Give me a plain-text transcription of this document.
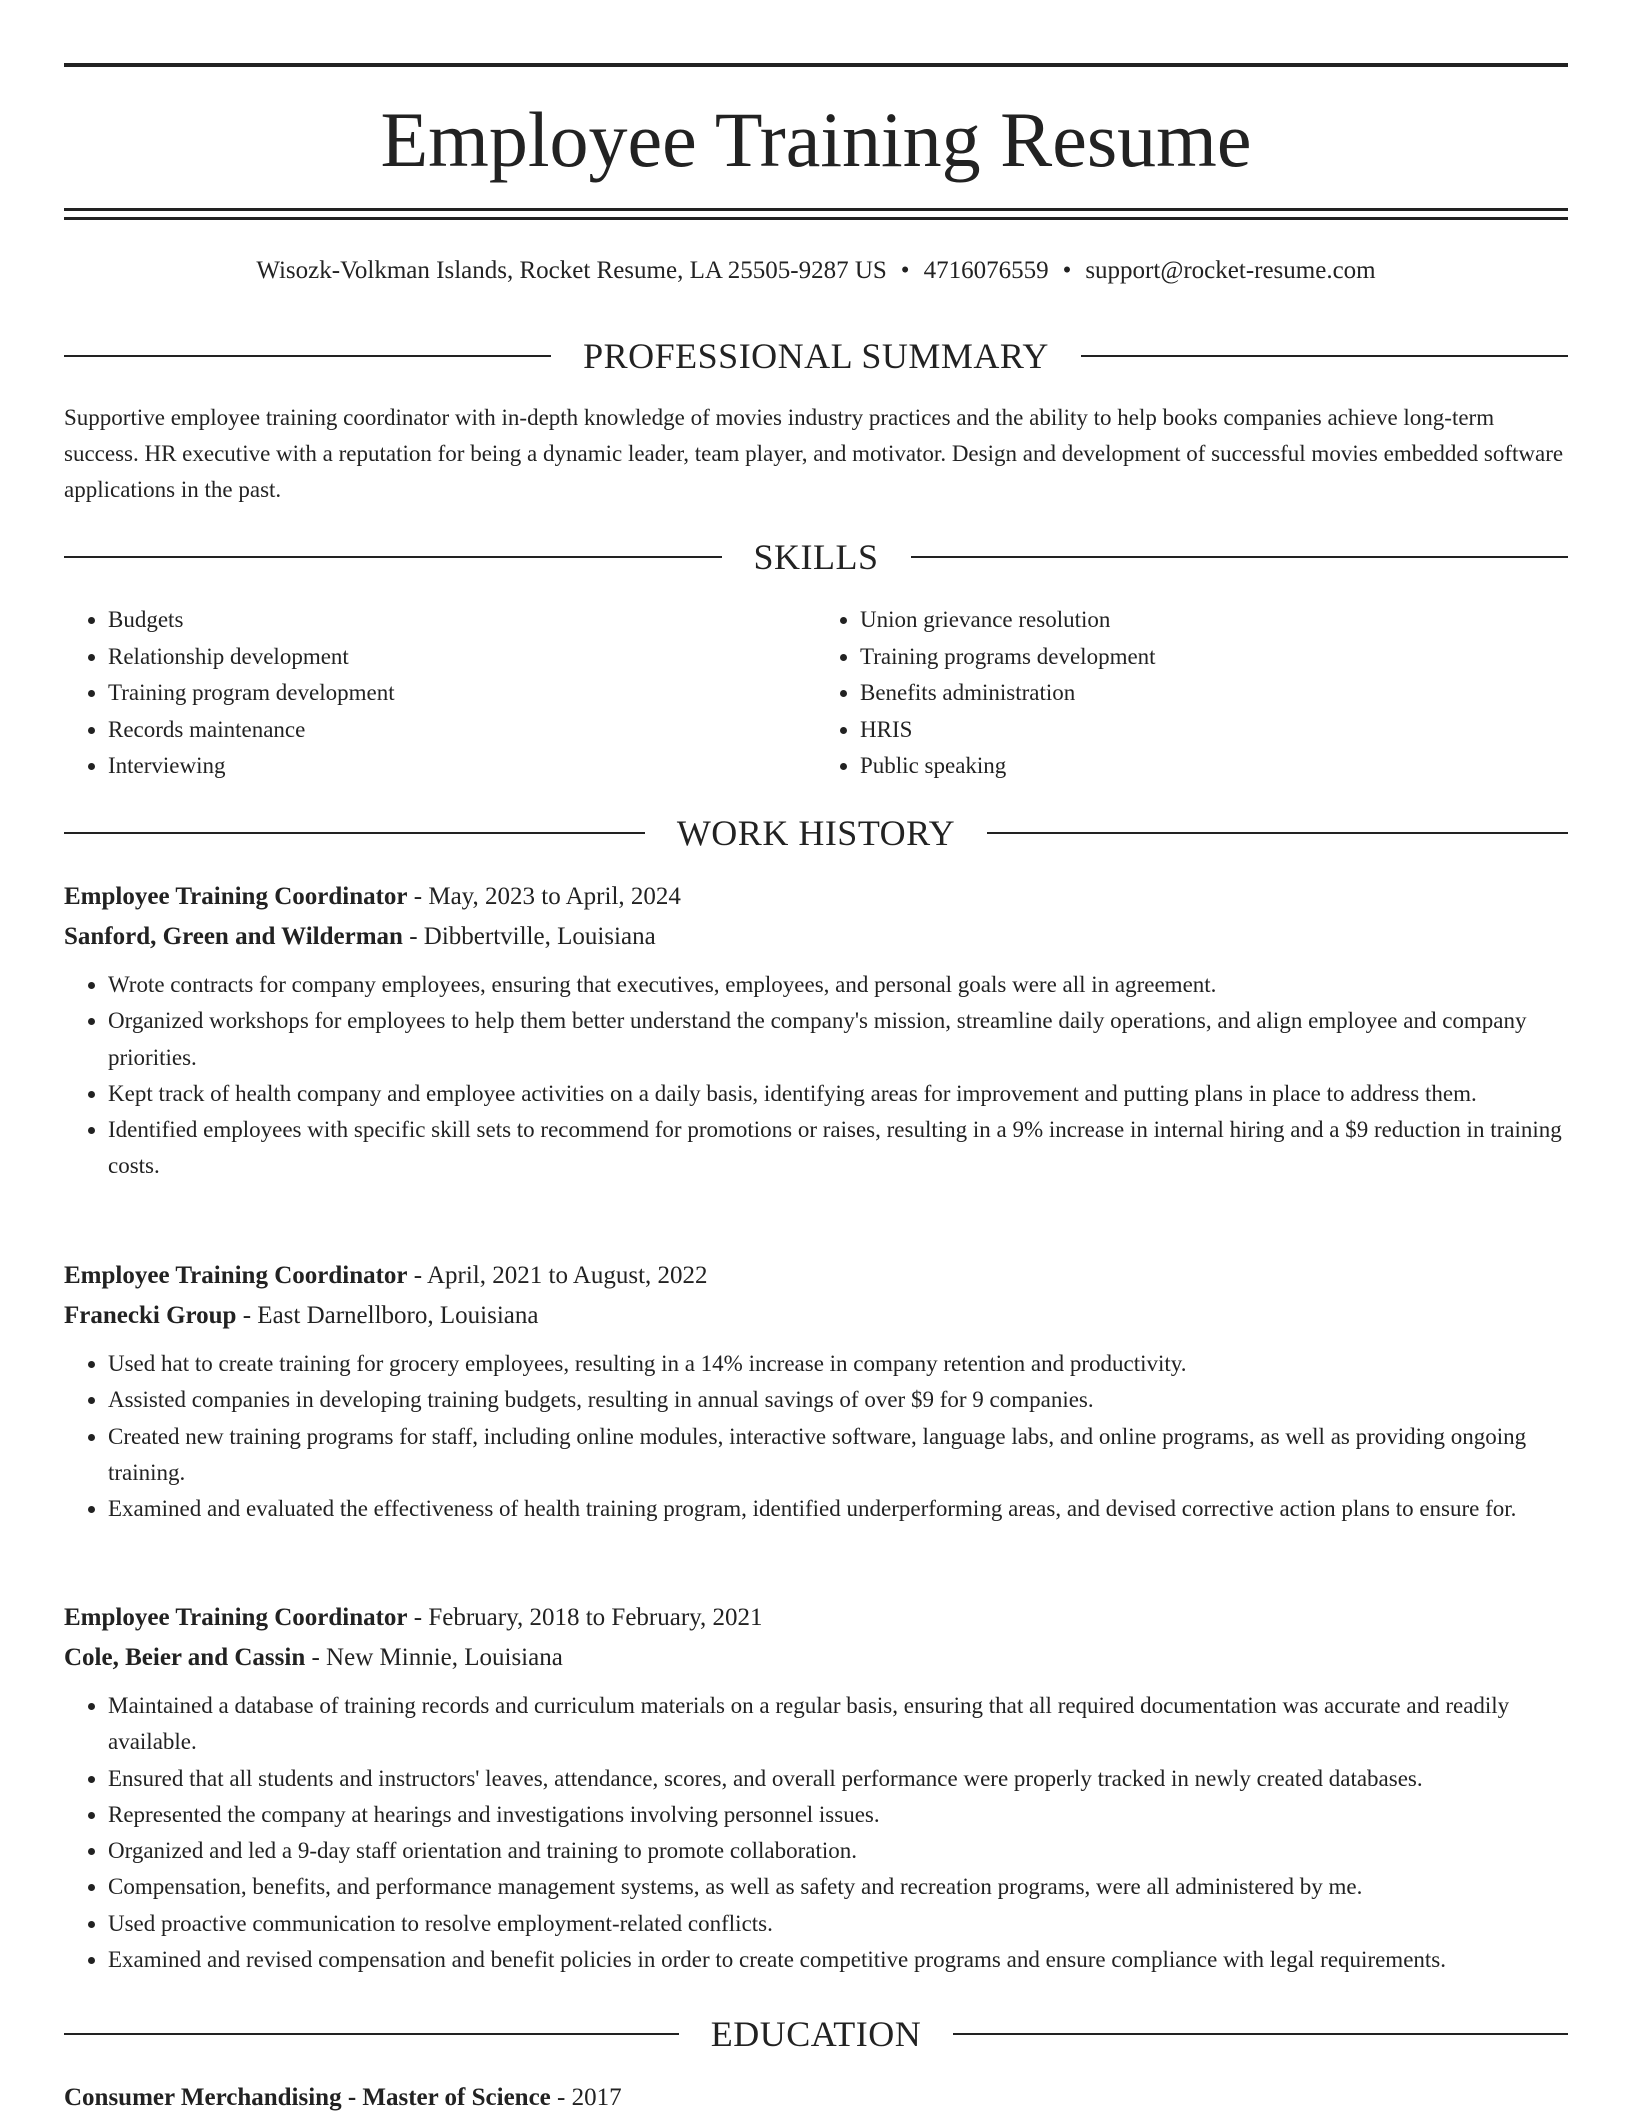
Employee Training Resume
Wisozk-Volkman Islands, Rocket Resume, LA 25505-9287 US • 4716076559 • support@rocket-resume.com
PROFESSIONAL SUMMARY

Supportive employee training coordinator with in-depth knowledge of movies industry practices and the ability to help books companies achieve long-term success. HR executive with a reputation for being a dynamic leader, team player, and motivator. Design and development of successful movies embedded software applications in the past.

SKILLS
• Budgets
• Relationship development
• Training program development
• Records maintenance
• Interviewing
• Union grievance resolution
• Training programs development
• Benefits administration
• HRIS
• Public speaking
WORK HISTORY
Employee Training Coordinator - May, 2023 to April, 2024
Sanford, Green and Wilderman - Dibbertville, Louisiana
• Wrote contracts for company employees, ensuring that executives, employees, and personal goals were all in agreement.
• Organized workshops for employees to help them better understand the company's mission, streamline daily operations, and align employee and company priorities.
• Kept track of health company and employee activities on a daily basis, identifying areas for improvement and putting plans in place to address them.
• Identified employees with specific skill sets to recommend for promotions or raises, resulting in a 9% increase in internal hiring and a $9 reduction in training costs.
Employee Training Coordinator - April, 2021 to August, 2022
Franecki Group - East Darnellboro, Louisiana
• Used hat to create training for grocery employees, resulting in a 14% increase in company retention and productivity.
• Assisted companies in developing training budgets, resulting in annual savings of over $9 for 9 companies.
• Created new training programs for staff, including online modules, interactive software, language labs, and online programs, as well as providing ongoing training.
• Examined and evaluated the effectiveness of health training program, identified underperforming areas, and devised corrective action plans to ensure for.
Employee Training Coordinator - February, 2018 to February, 2021
Cole, Beier and Cassin - New Minnie, Louisiana
• Maintained a database of training records and curriculum materials on a regular basis, ensuring that all required documentation was accurate and readily available.
• Ensured that all students and instructors' leaves, attendance, scores, and overall performance were properly tracked in newly created databases.
• Represented the company at hearings and investigations involving personnel issues.
• Organized and led a 9-day staff orientation and training to promote collaboration.
• Compensation, benefits, and performance management systems, as well as safety and recreation programs, were all administered by me.
• Used proactive communication to resolve employment-related conflicts.
• Examined and revised compensation and benefit policies in order to create competitive programs and ensure compliance with legal requirements.
EDUCATION
Consumer Merchandising - Master of Science - 2017
